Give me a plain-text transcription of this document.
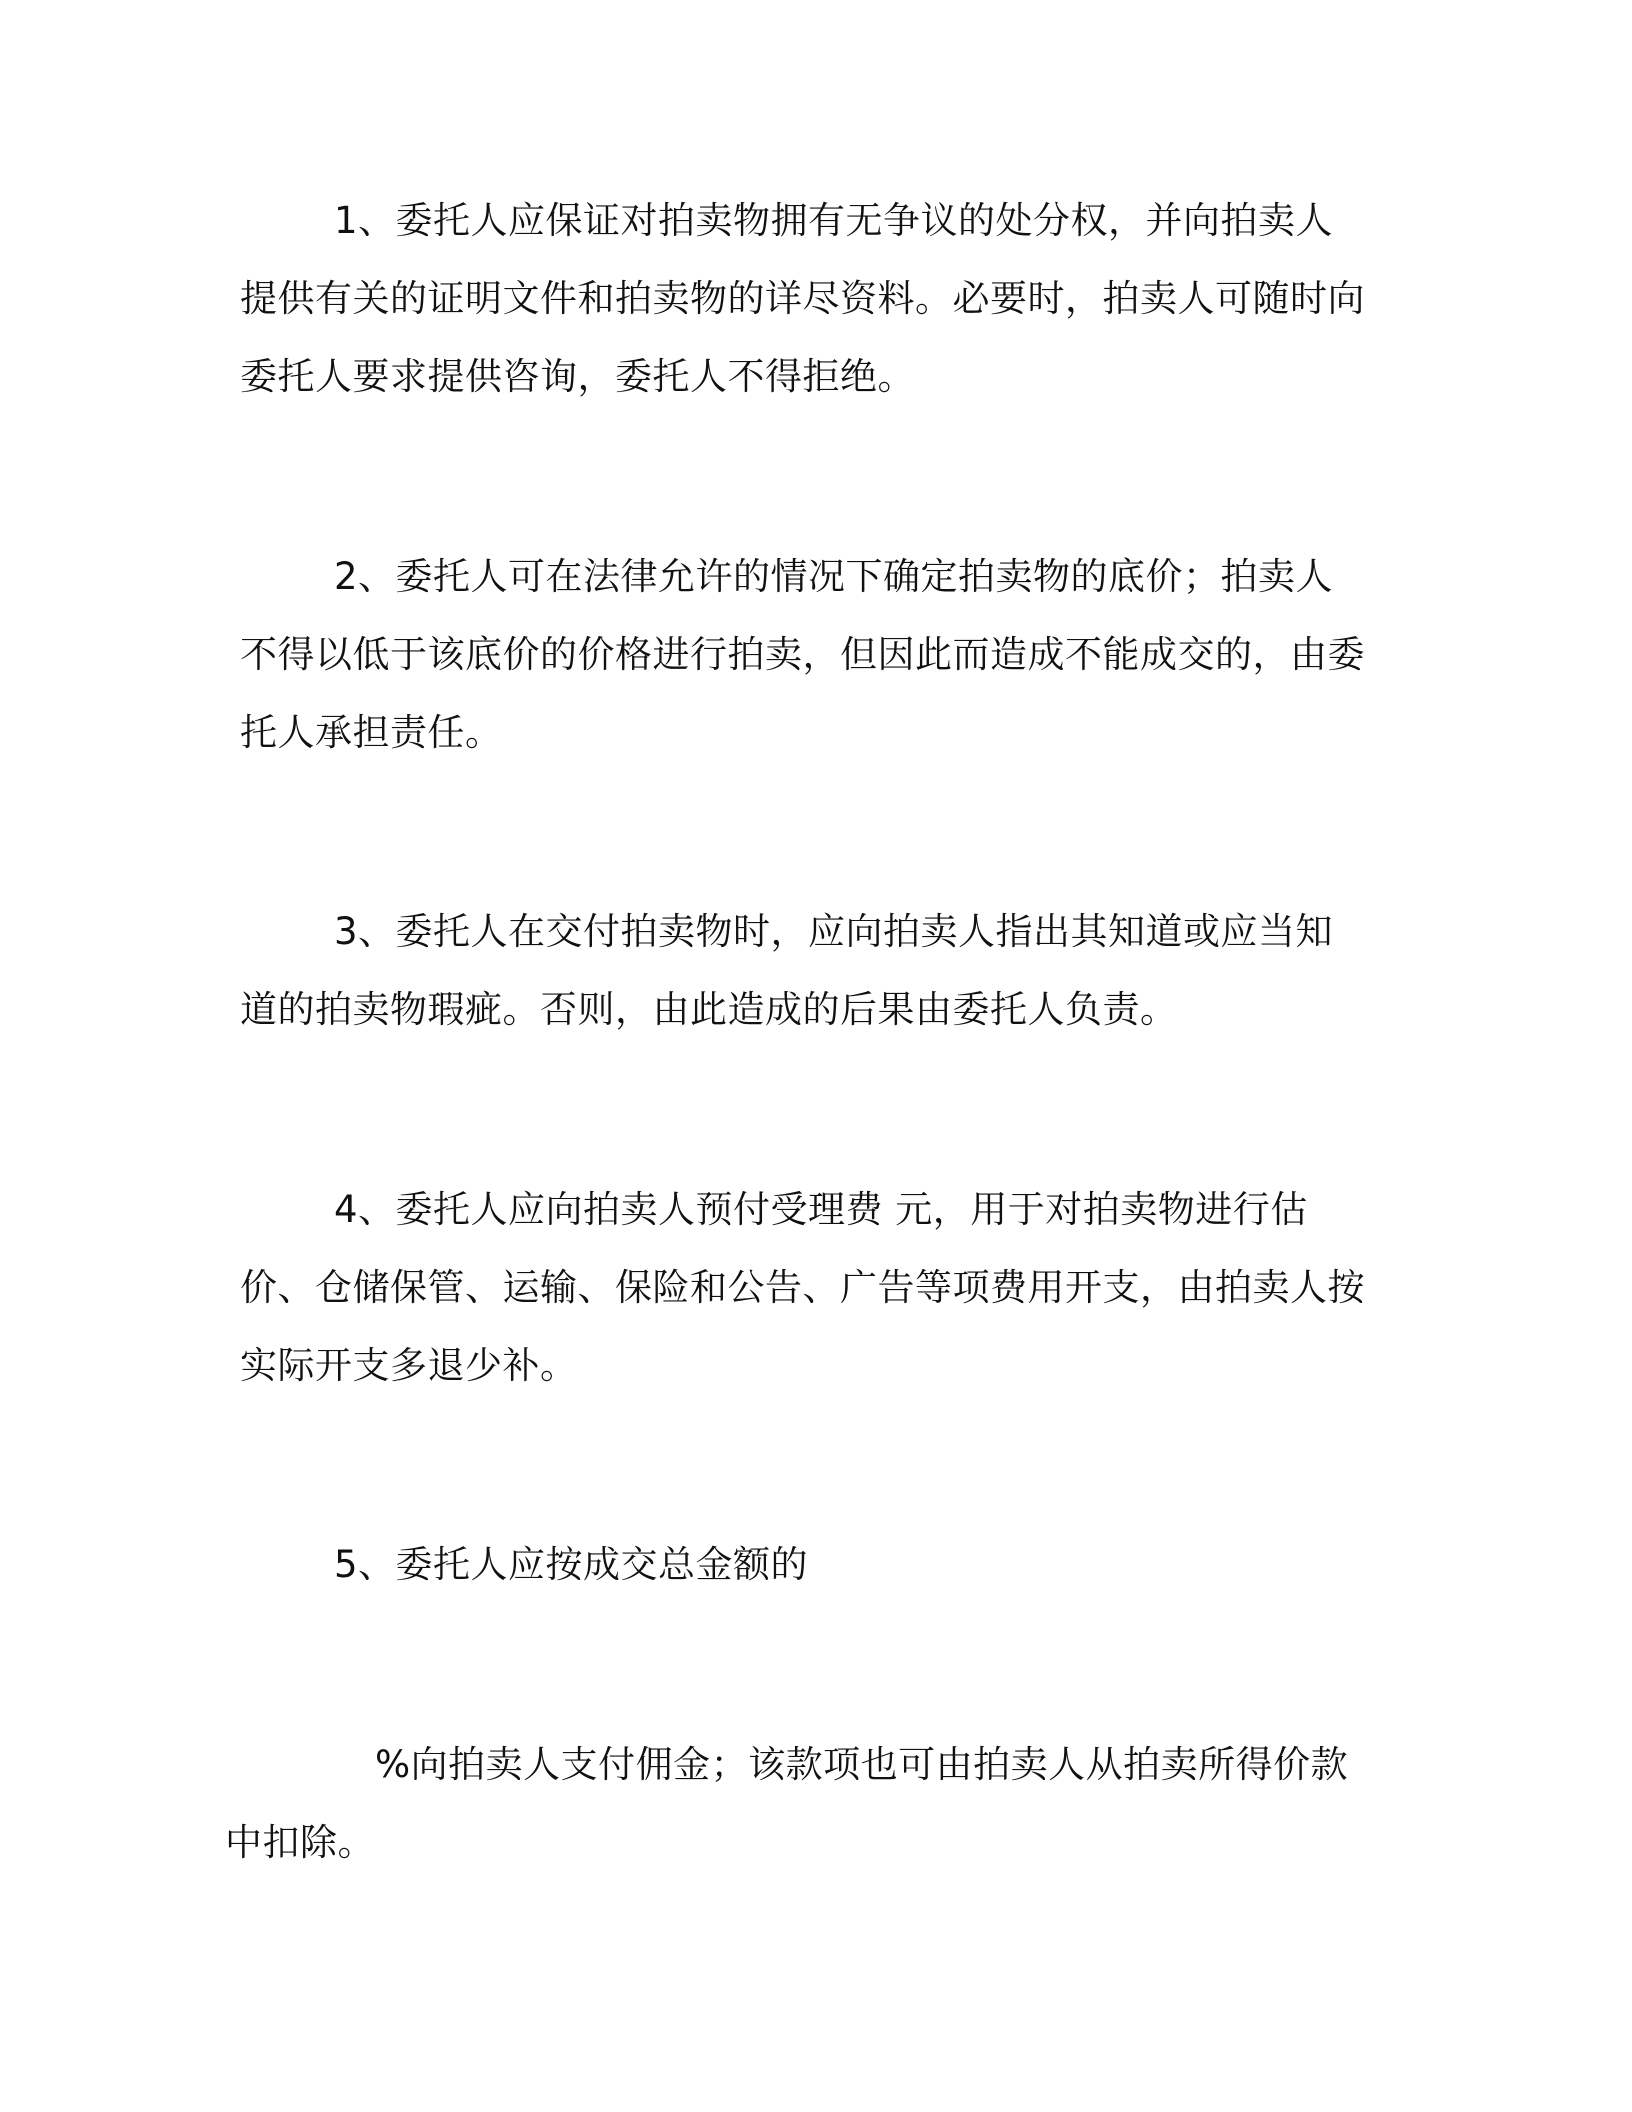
1、委托人应保证对拍卖物拥有无争议的处分权，并向拍卖人提供有关的证明文件和拍卖物的详尽资料。必要时，拍卖人可随时向委托人要求提供咨询，委托人不得拒绝。

2、委托人可在法律允许的情况下确定拍卖物的底价；拍卖人不得以低于该底价的价格进行拍卖，但因此而造成不能成交的，由委托人承担责任。

3、委托人在交付拍卖物时，应向拍卖人指出其知道或应当知道的拍卖物瑕疵。否则，由此造成的后果由委托人负责。

4、委托人应向拍卖人预付受理费 元，用于对拍卖物进行估价、仓储保管、运输、保险和公告、广告等项费用开支，由拍卖人按实际开支多退少补。

5、委托人应按成交总金额的

%向拍卖人支付佣金；该款项也可由拍卖人从拍卖所得价款中扣除。
